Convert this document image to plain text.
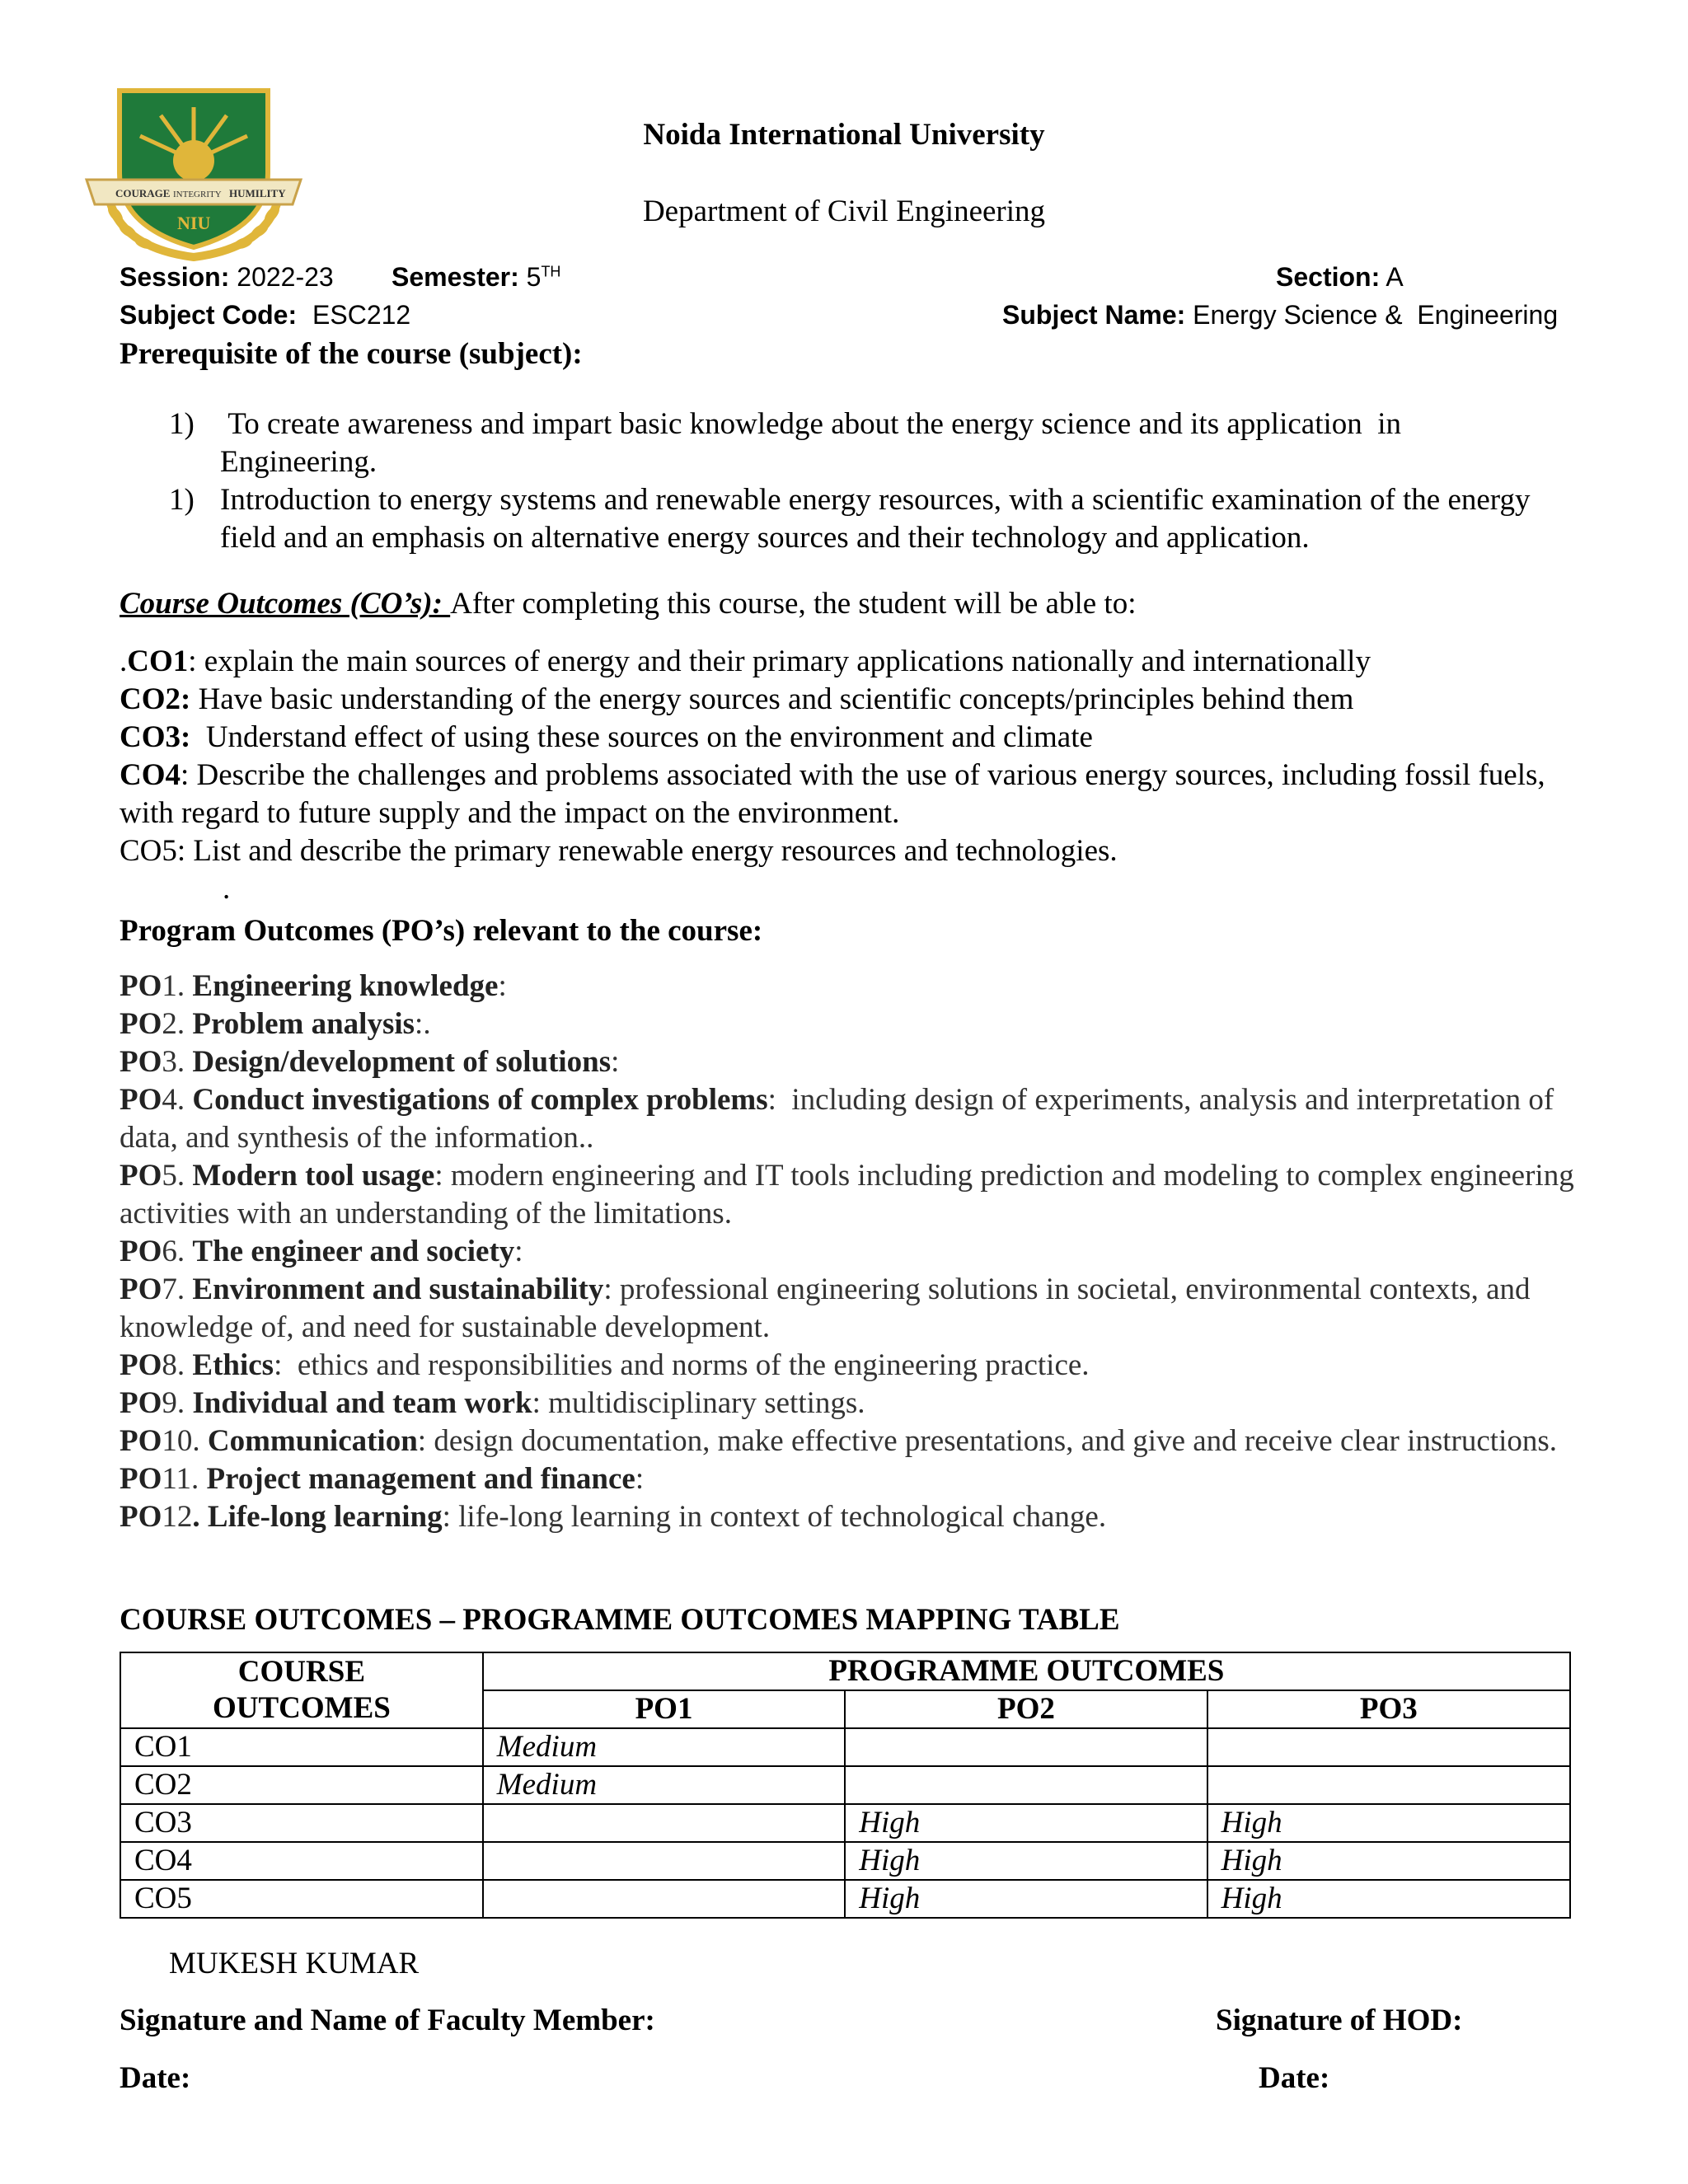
COURAGE INTEGRITY HUMILITY
NIU
Noida International University
Department of Civil Engineering
Session: 2022-23 Semester: 5TH	Section: A
Subject Code: ESC212	Subject Name: Energy Science &  Engineering
Prerequisite of the course (subject):
1) To create awareness and impart basic knowledge about the energy science and its application  in Engineering.
1) Introduction to energy systems and renewable energy resources, with a scientific examination of the energy field and an emphasis on alternative energy sources and their technology and application.
Course Outcomes (CO’s): After completing this course, the student will be able to:
.CO1: explain the main sources of energy and their primary applications nationally and internationally
CO2: Have basic understanding of the energy sources and scientific concepts/principles behind them
CO3:  Understand effect of using these sources on the environment and climate
CO4: Describe the challenges and problems associated with the use of various energy sources, including fossil fuels, with regard to future supply and the impact on the environment.
CO5: List and describe the primary renewable energy resources and technologies.
.
Program Outcomes (PO’s) relevant to the course:
PO1. Engineering knowledge:
PO2. Problem analysis:.
PO3. Design/development of solutions:
PO4. Conduct investigations of complex problems:  including design of experiments, analysis and interpretation of data, and synthesis of the information..
PO5. Modern tool usage: modern engineering and IT tools including prediction and modeling to complex engineering activities with an understanding of the limitations.
PO6. The engineer and society:
PO7. Environment and sustainability: professional engineering solutions in societal, environmental contexts, and knowledge of, and need for sustainable development.
PO8. Ethics:  ethics and responsibilities and norms of the engineering practice.
PO9. Individual and team work: multidisciplinary settings.
PO10. Communication: design documentation, make effective presentations, and give and receive clear instructions.
PO11. Project management and finance:
PO12. Life-long learning: life-long learning in context of technological change.
COURSE OUTCOMES – PROGRAMME OUTCOMES MAPPING TABLE
COURSE OUTCOMES	PROGRAMME OUTCOMES		
	PO1	PO2	PO3
CO1	Medium		
CO2	Medium		
CO3		High	High
CO4		High	High
CO5		High	High
MUKESH KUMAR
Signature and Name of Faculty Member:	Signature of HOD:
Date:	Date:
